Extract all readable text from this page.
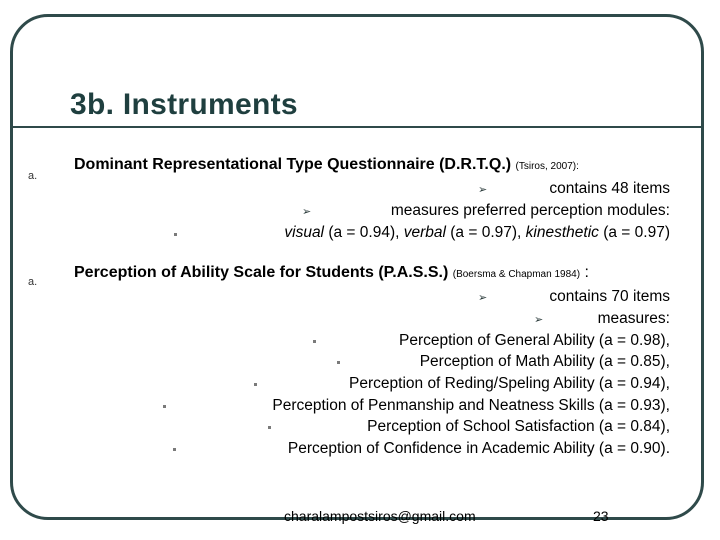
3b. Instruments
a.
Dominant Representational Type Questionnaire (D.R.T.Q.) (Tsiros, 2007):
➢	contains 48 items
➢	measures preferred perception modules:
visual (a = 0.94), verbal (a = 0.97), kinesthetic (a = 0.97)
a.
Perception of Ability Scale for Students (P.A.S.S.) (Boersma & Chapman 1984) :
➢	contains 70 items
➢	measures:
Perception of General Ability (a = 0.98),
Perception of Math Ability (a = 0.85),
Perception of Reding/Speling Ability (a = 0.94),
Perception of Penmanship and Neatness Skills (a = 0.93),
Perception of School Satisfaction (a = 0.84),
Perception of Confidence in Academic Ability (a = 0.90).
charalampostsiros@gmail.com	23
